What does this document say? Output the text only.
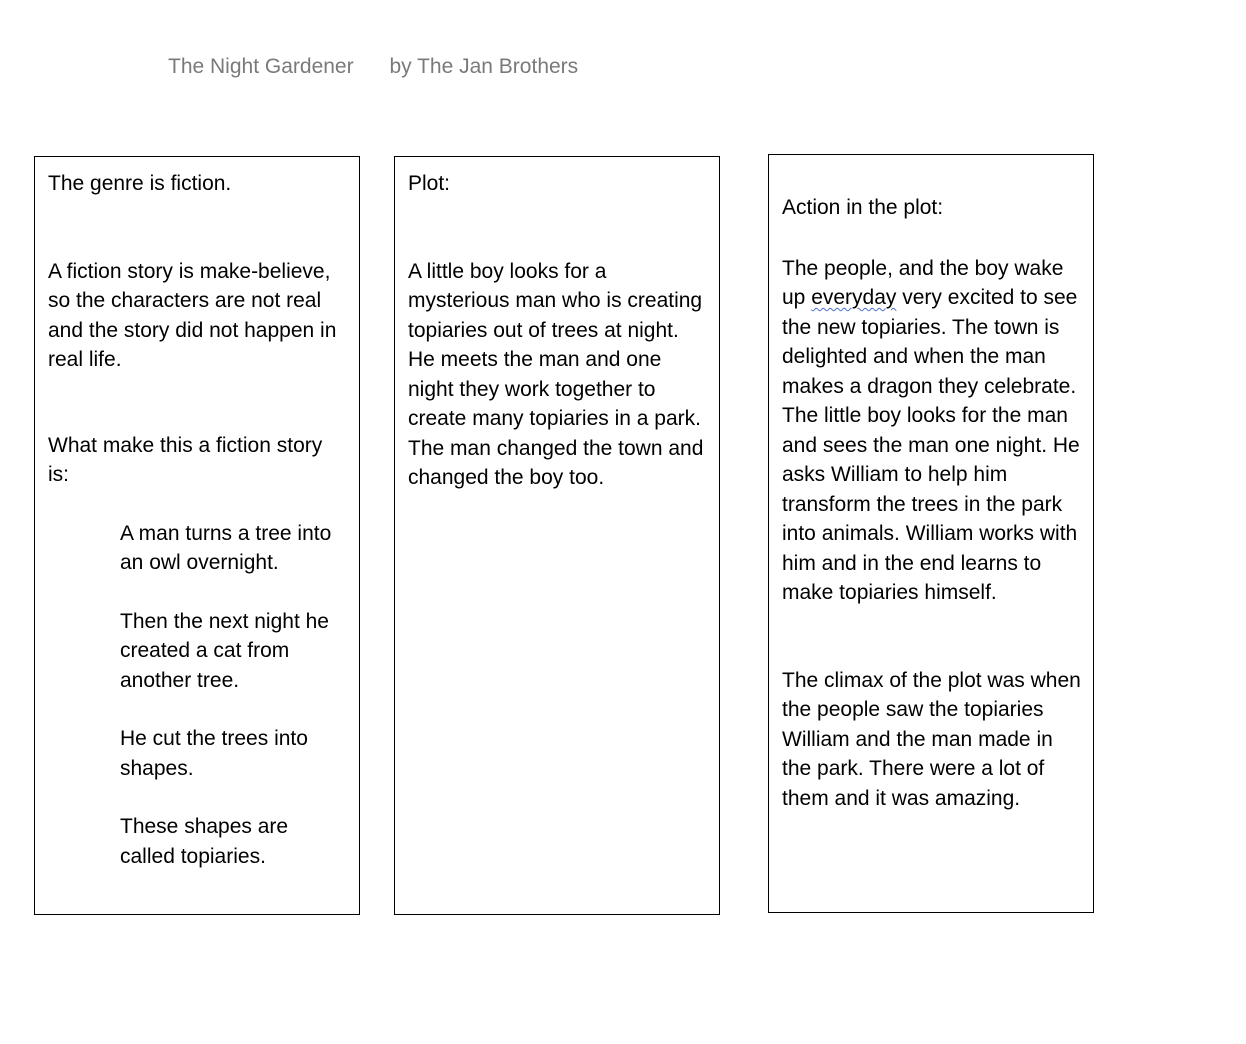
The Night Gardener by The Jan Brothers

The genre is fiction.

A fiction story is make-believe, so the characters are not real and the story did not happen in real life.

What make this a fiction story is:

A man turns a tree into an owl overnight.

Then the next night he created a cat from another tree.

He cut the trees into shapes.

These shapes are called topiaries.

Plot:

A little boy looks for a mysterious man who is creating topiaries out of trees at night. He meets the man and one night they work together to create many topiaries in a park. The man changed the town and changed the boy too.

Action in the plot:

The people, and the boy wake up everyday very excited to see the new topiaries. The town is delighted and when the man makes a dragon they celebrate. The little boy looks for the man and sees the man one night. He asks William to help him transform the trees in the park into animals. William works with him and in the end learns to make topiaries himself.

The climax of the plot was when the people saw the topiaries William and the man made in the park. There were a lot of them and it was amazing.
